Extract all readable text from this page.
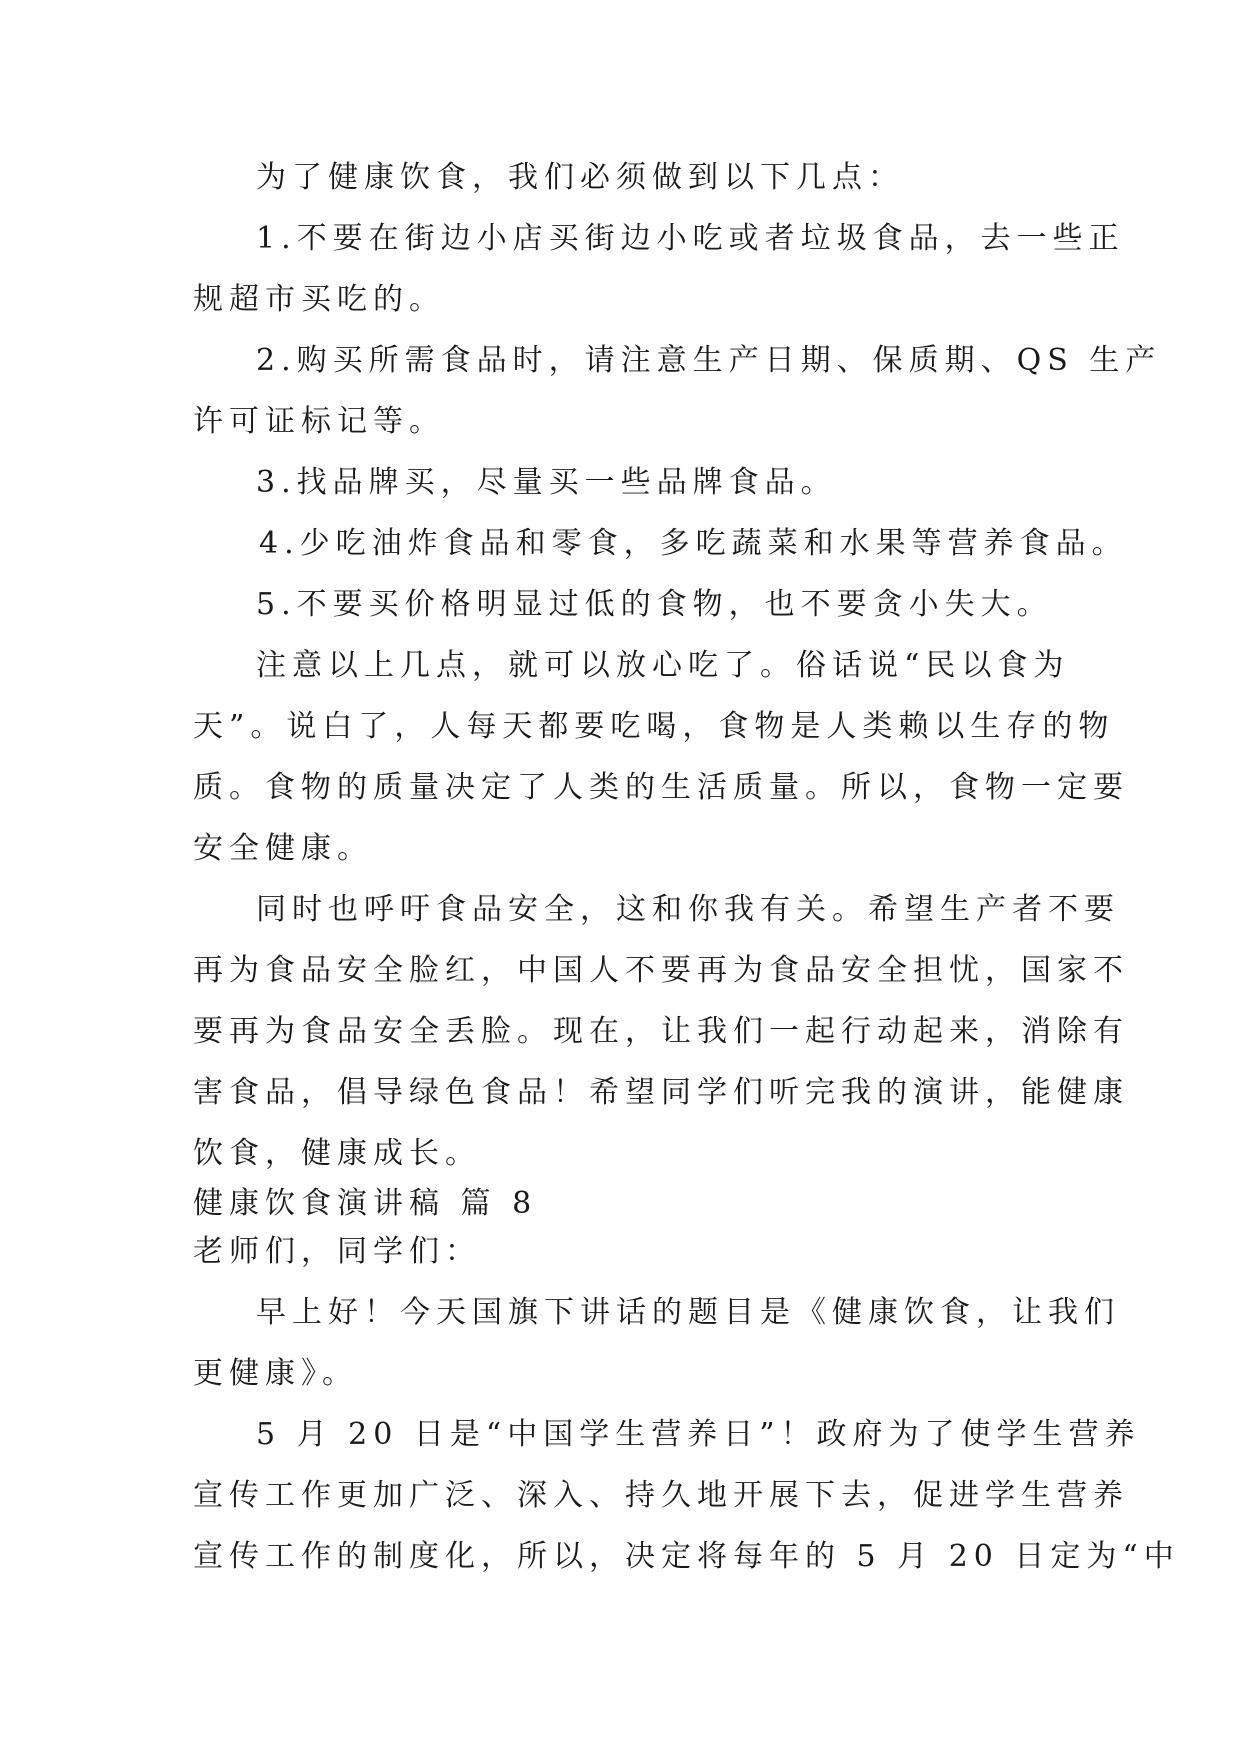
为了健康饮食，我们必须做到以下几点：

1.不要在街边小店买街边小吃或者垃圾食品，去一些正

规超市买吃的。

2.购买所需食品时，请注意生产日期、保质期、QS 生产

许可证标记等。

3.找品牌买，尽量买一些品牌食品。

4.少吃油炸食品和零食，多吃蔬菜和水果等营养食品。

5.不要买价格明显过低的食物，也不要贪小失大。

注意以上几点，就可以放心吃了。俗话说“民以食为

天”。说白了，人每天都要吃喝，食物是人类赖以生存的物

质。食物的质量决定了人类的生活质量。所以，食物一定要

安全健康。

同时也呼吁食品安全，这和你我有关。希望生产者不要

再为食品安全脸红，中国人不要再为食品安全担忧，国家不

要再为食品安全丢脸。现在，让我们一起行动起来，消除有

害食品，倡导绿色食品！希望同学们听完我的演讲，能健康

饮食，健康成长。

健康饮食演讲稿 篇 8

老师们，同学们：

早上好！今天国旗下讲话的题目是《健康饮食，让我们

更健康》。

5 月 20 日是“中国学生营养日”！政府为了使学生营养

宣传工作更加广泛、深入、持久地开展下去，促进学生营养

宣传工作的制度化，所以，决定将每年的 5 月 20 日定为“中
